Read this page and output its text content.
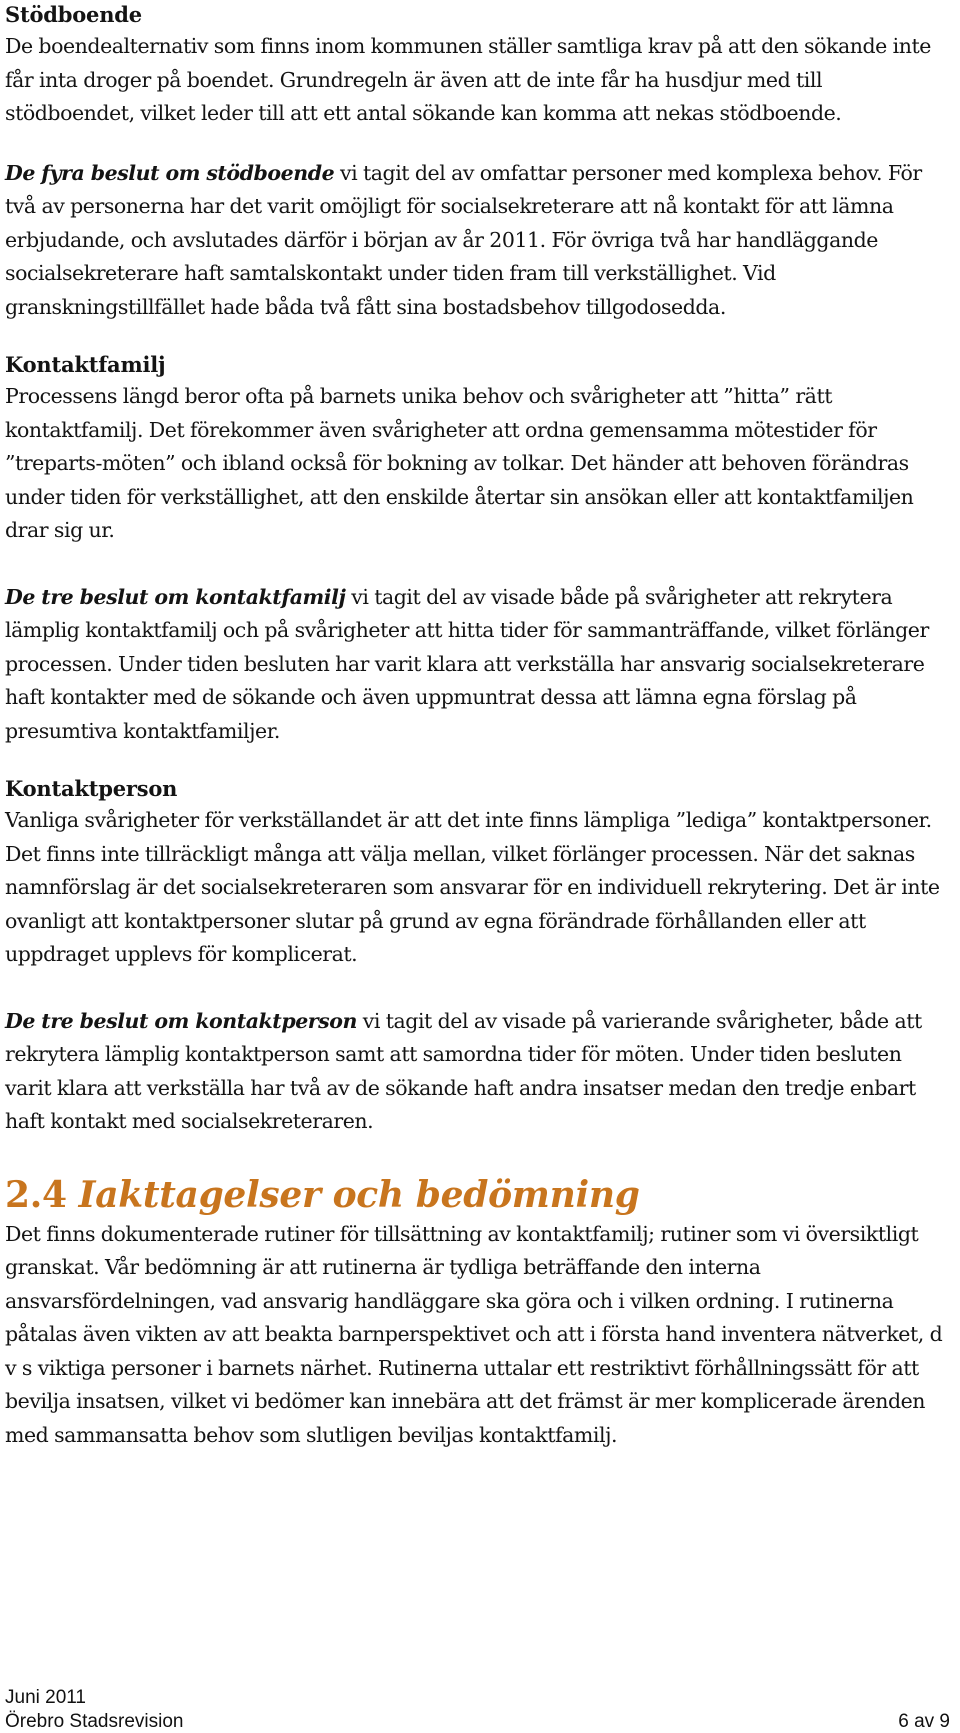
Stödboende

De boendealternativ som finns inom kommunen ställer samtliga krav på att den sökande inte får inta droger på boendet. Grundregeln är även att de inte får ha husdjur med till stödboendet, vilket leder till att ett antal sökande kan komma att nekas stödboende.

De fyra beslut om stödboende vi tagit del av omfattar personer med komplexa behov. För två av personerna har det varit omöjligt för socialsekreterare att nå kontakt för att lämna erbjudande, och avslutades därför i början av år 2011. För övriga två har handläggande socialsekreterare haft samtalskontakt under tiden fram till verkställighet. Vid granskningstillfället hade båda två fått sina bostadsbehov tillgodosedda.

Kontaktfamilj

Processens längd beror ofta på barnets unika behov och svårigheter att ”hitta” rätt kontaktfamilj. Det förekommer även svårigheter att ordna gemensamma mötestider för ”treparts-möten” och ibland också för bokning av tolkar. Det händer att behoven förändras under tiden för verkställighet, att den enskilde återtar sin ansökan eller att kontaktfamiljen drar sig ur.

De tre beslut om kontaktfamilj vi tagit del av visade både på svårigheter att rekrytera lämplig kontaktfamilj och på svårigheter att hitta tider för sammanträffande, vilket förlänger processen. Under tiden besluten har varit klara att verkställa har ansvarig socialsekreterare haft kontakter med de sökande och även uppmuntrat dessa att lämna egna förslag på presumtiva kontaktfamiljer.

Kontaktperson

Vanliga svårigheter för verkställandet är att det inte finns lämpliga ”lediga” kontaktpersoner. Det finns inte tillräckligt många att välja mellan, vilket förlänger processen. När det saknas namnförslag är det socialsekreteraren som ansvarar för en individuell rekrytering. Det är inte ovanligt att kontaktpersoner slutar på grund av egna förändrade förhållanden eller att uppdraget upplevs för komplicerat.

De tre beslut om kontaktperson vi tagit del av visade på varierande svårigheter, både att rekrytera lämplig kontaktperson samt att samordna tider för möten. Under tiden besluten varit klara att verkställa har två av de sökande haft andra insatser medan den tredje enbart haft kontakt med socialsekreteraren.

2.4 Iakttagelser och bedömning

Det finns dokumenterade rutiner för tillsättning av kontaktfamilj; rutiner som vi översiktligt granskat. Vår bedömning är att rutinerna är tydliga beträffande den interna ansvarsfördelningen, vad ansvarig handläggare ska göra och i vilken ordning. I rutinerna påtalas även vikten av att beakta barnperspektivet och att i första hand inventera nätverket, d v s viktiga personer i barnets närhet. Rutinerna uttalar ett restriktivt förhållningssätt för att bevilja insatsen, vilket vi bedömer kan innebära att det främst är mer komplicerade ärenden med sammansatta behov som slutligen beviljas kontaktfamilj.

Juni 2011
Örebro Stadsrevision	6 av 9
